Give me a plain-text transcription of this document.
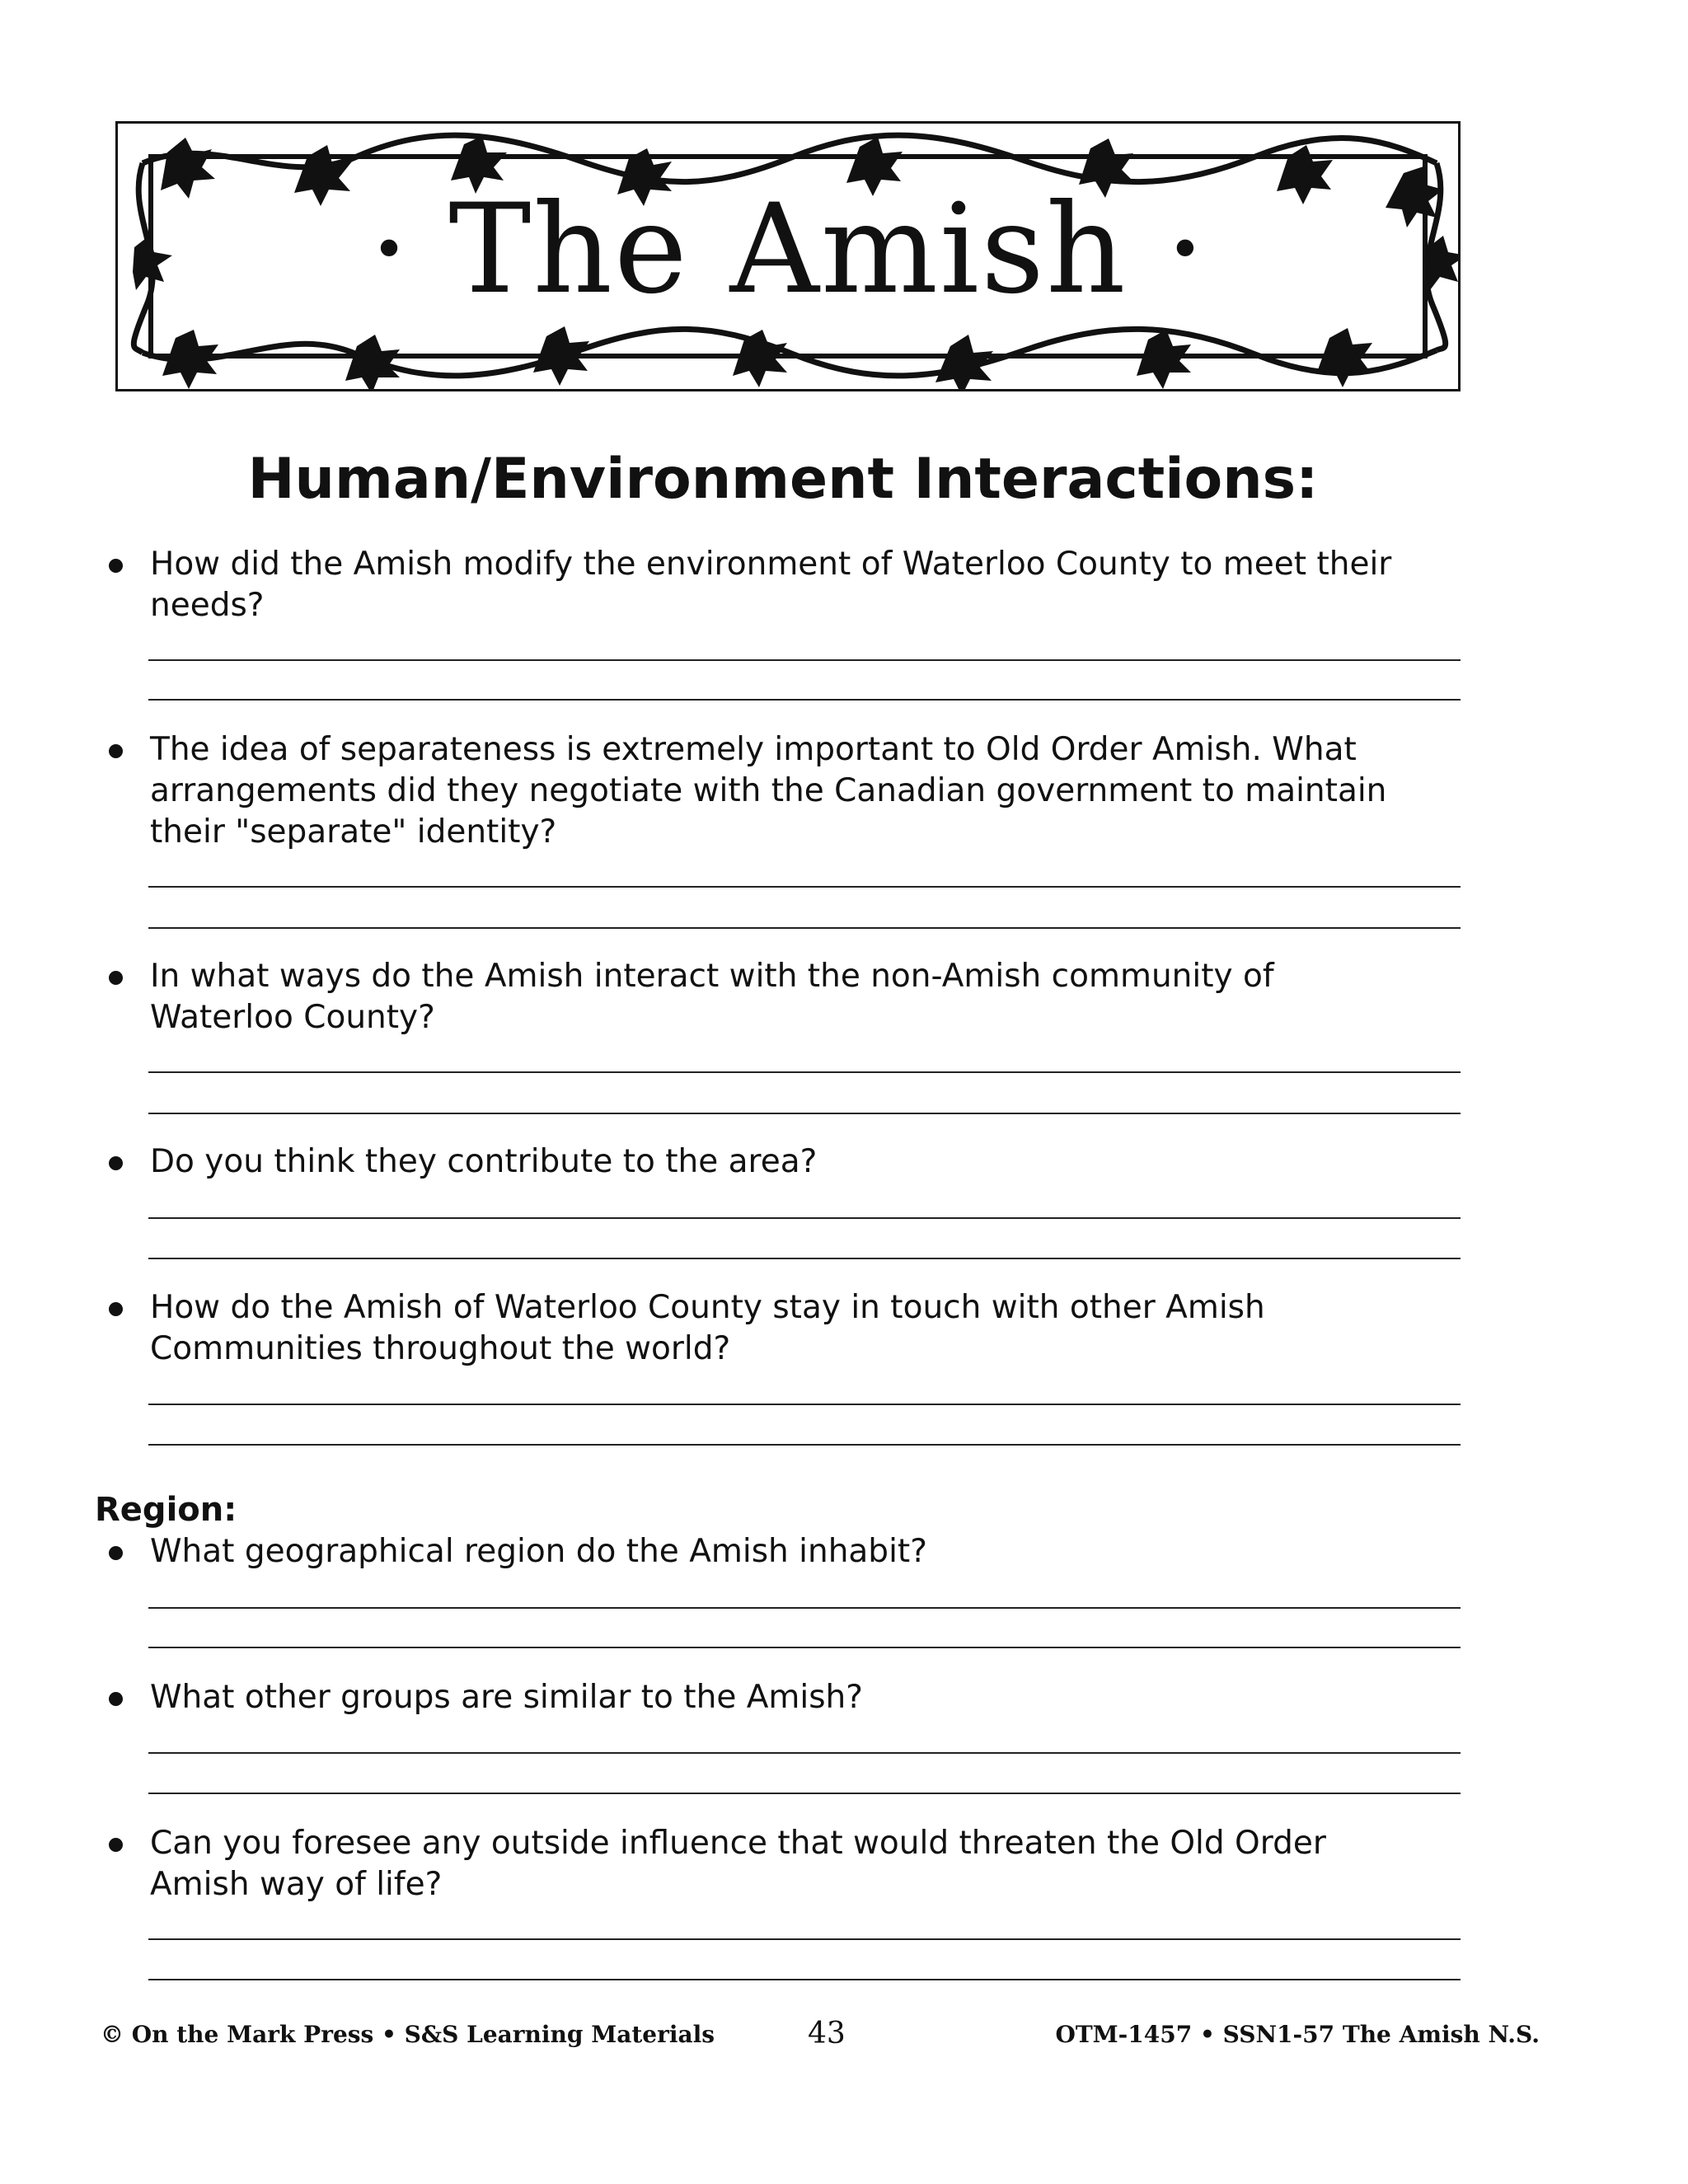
• The Amish •
Human/Environment Interactions:
How did the Amish modify the environment of Waterloo County to meet their needs?
The idea of separateness is extremely important to Old Order Amish. What arrangements did they negotiate with the Canadian government to maintain their "separate" identity?
In what ways do the Amish interact with the non-Amish community of Waterloo County?
Do you think they contribute to the area?
How do the Amish of Waterloo County stay in touch with other Amish Communities throughout the world?
Region:
What geographical region do the Amish inhabit?
What other groups are similar to the Amish?
Can you foresee any outside influence that would threaten the Old Order Amish way of life?
© On the Mark Press • S&S Learning Materials	43	OTM-1457 • SSN1-57 The Amish N.S.
